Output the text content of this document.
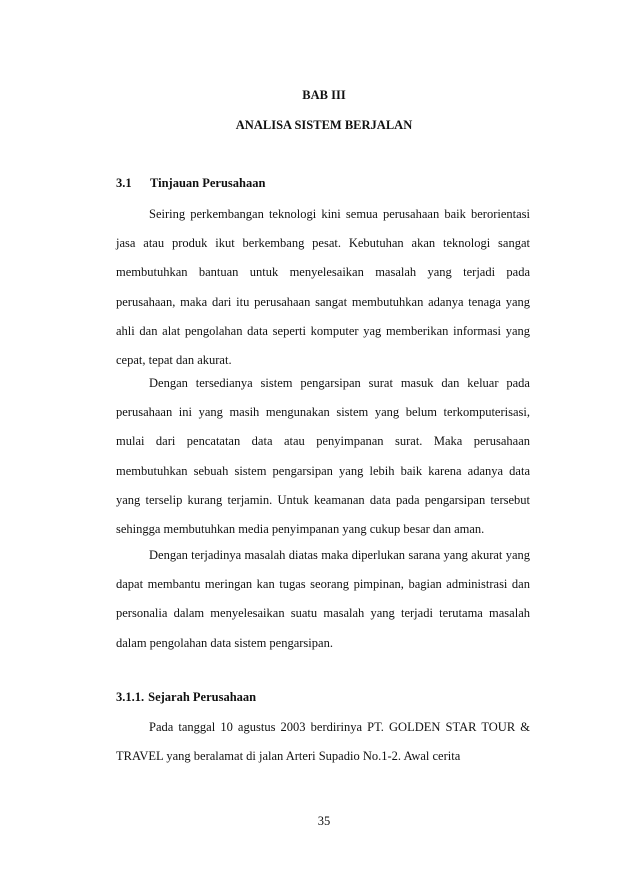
BAB III

ANALISA SISTEM BERJALAN

3.1 Tinjauan Perusahaan

Seiring perkembangan teknologi kini semua perusahaan baik berorientasi jasa atau produk ikut berkembang pesat. Kebutuhan akan teknologi sangat membutuhkan bantuan untuk menyelesaikan masalah yang terjadi pada perusahaan, maka dari itu perusahaan sangat membutuhkan adanya tenaga yang ahli dan alat pengolahan data seperti komputer yag memberikan informasi yang cepat, tepat dan akurat.

Dengan tersedianya sistem pengarsipan surat masuk dan keluar pada perusahaan ini yang masih mengunakan sistem yang belum terkomputerisasi, mulai dari pencatatan data atau penyimpanan surat. Maka perusahaan membutuhkan sebuah sistem pengarsipan yang lebih baik karena adanya data yang terselip kurang terjamin. Untuk keamanan data pada pengarsipan tersebut sehingga membutuhkan media penyimpanan yang cukup besar dan aman.

Dengan terjadinya masalah diatas maka diperlukan sarana yang akurat yang dapat membantu meringan kan tugas seorang pimpinan, bagian administrasi dan personalia dalam menyelesaikan suatu masalah yang terjadi terutama masalah dalam pengolahan data sistem pengarsipan.

3.1.1. Sejarah Perusahaan

Pada tanggal 10 agustus 2003 berdirinya PT. GOLDEN STAR TOUR & TRAVEL yang beralamat di jalan Arteri Supadio No.1-2. Awal cerita

35
